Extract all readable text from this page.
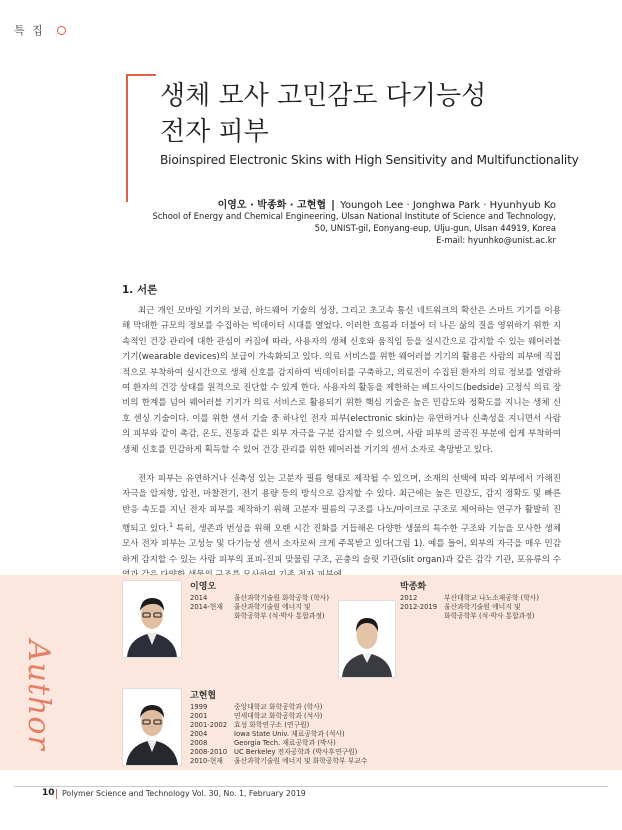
특 집
생체 모사 고민감도 다기능성
전자 피부
Bioinspired Electronic Skins with High Sensitivity and Multifunctionality
이영오 · 박종화 · 고현협 | Youngoh Lee · Jonghwa Park · Hyunhyub Ko
School of Energy and Chemical Engineering, Ulsan National Institute of Science and Technology,
50, UNIST-gil, Eonyang-eup, Ulju-gun, Ulsan 44919, Korea
E-mail: hyunhko@unist.ac.kr
1. 서론

최근 개인 모바일 기기의 보급, 하드웨어 기술의 성장, 그리고 초고속 통신 네트워크의 확산은 스마트 기기를 이용해 막대한 규모의 정보를 수집하는 빅데이터 시대를 열었다. 이러한 흐름과 더불어 더 나은 삶의 질을 영위하기 위한 지속적인 건강 관리에 대한 관심이 커짐에 따라, 사용자의 생체 신호와 움직임 등을 실시간으로 감지할 수 있는 웨어러블 기기(wearable devices)의 보급이 가속화되고 있다. 의료 서비스를 위한 웨어러블 기기의 활용은 사람의 피부에 직접적으로 부착하여 실시간으로 생체 신호를 감지하여 빅데이터를 구축하고, 의료진이 수집된 환자의 의료 정보를 열람하여 환자의 건강 상태를 원격으로 진단할 수 있게 한다. 사용자의 활동을 제한하는 베드사이드(bedside) 고정식 의료 장비의 한계를 넘어 웨어러블 기기가 의료 서비스로 활용되기 위한 핵심 기술은 높은 민감도와 정확도를 지니는 생체 신호 센싱 기술이다. 이를 위한 센서 기술 중 하나인 전자 피부(electronic skin)는 유연하거나 신축성을 지니면서 사람의 피부와 같이 촉감, 온도, 진동과 같은 외부 자극을 구분 감지할 수 있으며, 사람 피부의 굴곡진 부분에 쉽게 부착하여 생체 신호를 민감하게 획득할 수 있어 건강 관리를 위한 웨어러블 기기의 센서 소자로 촉망받고 있다.

전자 피부는 유연하거나 신축성 있는 고분자 필름 형태로 제작될 수 있으며, 소재의 선택에 따라 외부에서 가해진 자극을 압저항, 압전, 마찰전기, 전기 용량 등의 방식으로 감지할 수 있다. 최근에는 높은 민감도, 감지 정확도 및 빠른 반응 속도를 지닌 전자 피부를 제작하기 위해 고분자 필름의 구조를 나노/마이크로 구조로 제어하는 연구가 활발히 진행되고 있다.$^1$ 특히, 생존과 번성을 위해 오랜 시간 진화를 거듭해온 다양한 생물의 특수한 구조와 기능을 모사한 생체 모사 전자 피부는 고성능 및 다기능성 센서 소자로써 크게 주목받고 있다(그림 1). 예를 들어, 외부의 자극을 매우 민감하게 감지할 수 있는 사람 피부의 표피-진피 맞물림 구조, 곤충의 슬릿 기관(slit organ)과 같은 감각 기관, 포유류의 수

Author
이영오
2014	울산과학기술원 화학공학 (학사)
2014-현재 울산과학기술원 에너지 및
화학공학부 (석·박사 통합과정)
박종화
2012	부산대학교 나노소재공학 (학사)
2012-2019 울산과학기술원 에너지 및
화학공학부 (석·박사 통합과정)
고현협
1999	중앙대학교 화학공학과 (학사)
2001	연세대학교 화학공학과 (석사)
2001-2002 효성 화학연구소 (연구원)
2004	Iowa State Univ. 재료공학과 (석사)
2008	Georgia Tech. 재료공학과 (박사)
2008-2010 UC Berkeley 전자공학과 (박사후연구원)
2010-현재 울산과학기술원 에너지 및 화학공학부 부교수
10 Polymer Science and Technology Vol. 30, No. 1, February 2019
